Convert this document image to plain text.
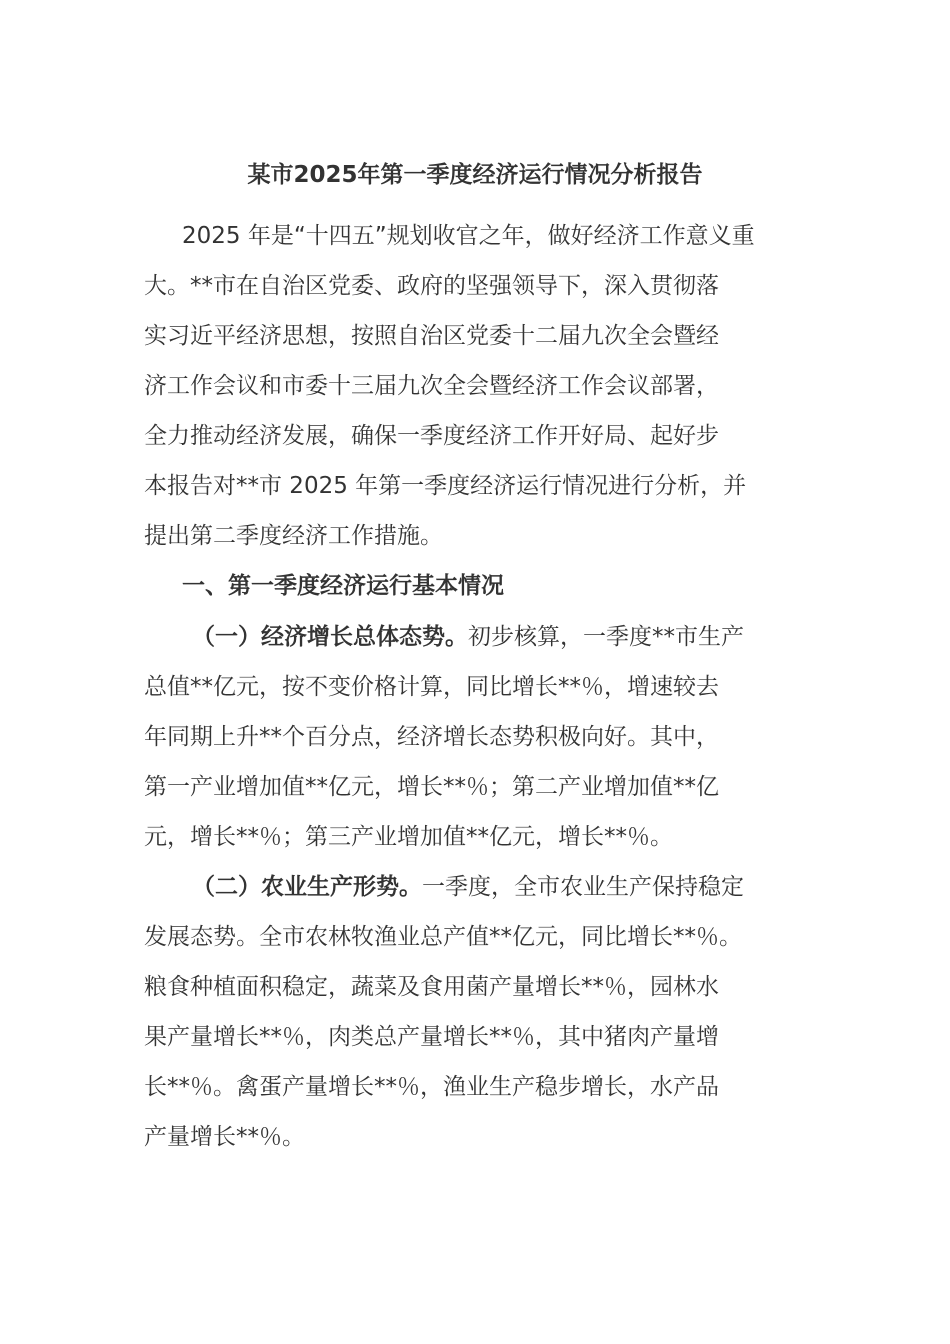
某市2025年第一季度经济运行情况分析报告
2025 年是“十四五”规划收官之年，做好经济工作意义重
大。**市在自治区党委、政府的坚强领导下，深入贯彻落
实习近平经济思想，按照自治区党委十二届九次全会暨经
济工作会议和市委十三届九次全会暨经济工作会议部署，
全力推动经济发展，确保一季度经济工作开好局、起好步
本报告对**市 2025 年第一季度经济运行情况进行分析，并
提出第二季度经济工作措施。
一、第一季度经济运行基本情况
（一）经济增长总体态势。初步核算，一季度**市生产
总值**亿元，按不变价格计算，同比增长**％，增速较去
年同期上升**个百分点，经济增长态势积极向好。其中，
第一产业增加值**亿元，增长**％；第二产业增加值**亿
元，增长**％；第三产业增加值**亿元，增长**％。
（二）农业生产形势。一季度，全市农业生产保持稳定
发展态势。全市农林牧渔业总产值**亿元，同比增长**％。
粮食种植面积稳定，蔬菜及食用菌产量增长**％，园林水
果产量增长**％，肉类总产量增长**％，其中猪肉产量增
长**％。禽蛋产量增长**％，渔业生产稳步增长，水产品
产量增长**％。
